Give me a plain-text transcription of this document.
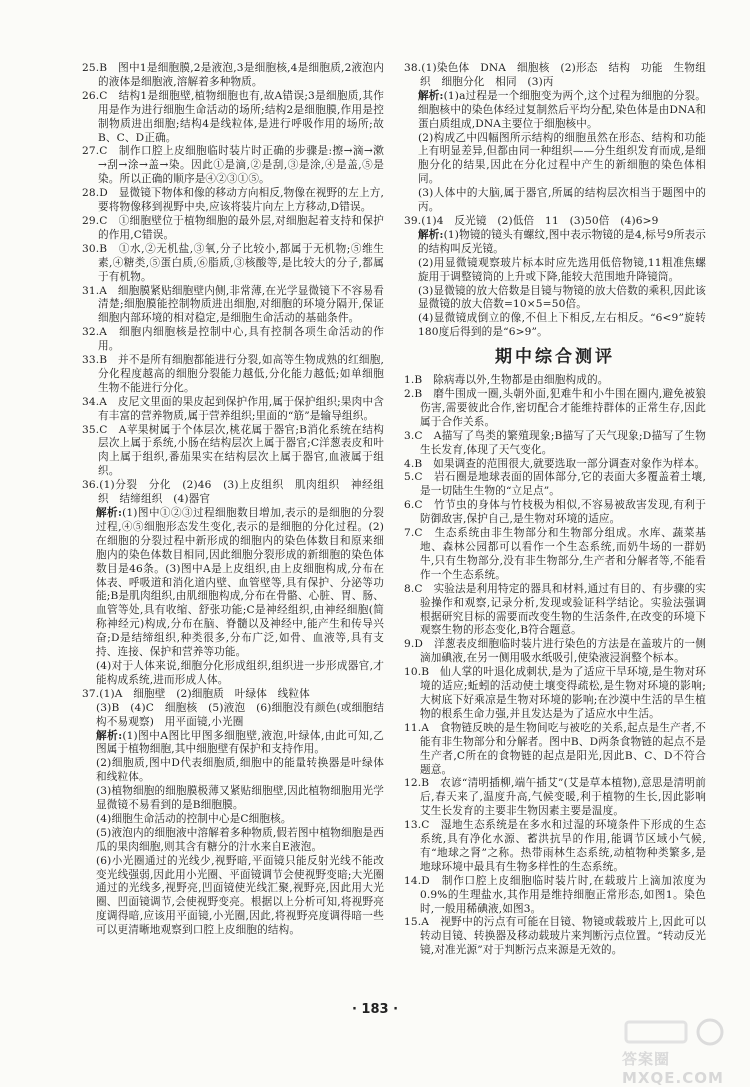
25.B　图中1是细胞膜,2是液泡,3是细胞核,4是细胞质,2液泡内的液体是细胞液,溶解着多种物质。

26.C　结构1是细胞壁,植物细胞也有,故A错误;3是细胞质,其作用是作为进行细胞生命活动的场所;结构2是细胞膜,作用是控制物质进出细胞;结构4是线粒体,是进行呼吸作用的场所;故B、C、D正确。

27.C　制作口腔上皮细胞临时装片时正确的步骤是:擦→滴→漱→刮→涂→盖→染。因此①是滴,②是刮,③是涂,④是盖,⑤是染。所以正确的顺序是④②③①⑤。

28.D　显微镜下物体和像的移动方向相反,物像在视野的左上方,要将物像移到视野中央,应该将装片向左上方移动,D错误。

29.C　①细胞壁位于植物细胞的最外层,对细胞起着支持和保护的作用,C错误。

30.B　①水,②无机盐,③氧,分子比较小,都属于无机物;⑤维生素,④糖类,⑤蛋白质,⑥脂质,③核酸等,是比较大的分子,都属于有机物。

31.A　细胞膜紧贴细胞壁内侧,非常薄,在光学显微镜下不容易看清楚;细胞膜能控制物质进出细胞,对细胞的环境分隔开,保证细胞内部环境的相对稳定,是细胞生命活动的基础条件。

32.A　细胞内细胞核是控制中心,具有控制各项生命活动的作用。

33.B　并不是所有细胞都能进行分裂,如高等生物成熟的红细胞,分化程度越高的细胞分裂能力越低,分化能力越低;如单细胞生物不能进行分化。

34.A　皮尼文里面的果皮起到保护作用,属于保护组织;果肉中含有丰富的营养物质,属于营养组织;里面的“筋”是输导组织。

35.C　A苹果树属于个体层次,桃花属于器官;B消化系统在结构层次上属于系统,小肠在结构层次上属于器官;C洋葱表皮和叶肉上属于组织,番茄果实在结构层次上属于器官,血液属于组织。

36.(1)分裂　分化　(2)46　(3)上皮组织　肌肉组织　神经组织　结缔组织　(4)器官

解析:(1)图中①②③过程细胞数目增加,表示的是细胞的分裂过程,④⑤细胞形态发生变化,表示的是细胞的分化过程。(2)在细胞的分裂过程中新形成的细胞内的染色体数目和原来细胞内的染色体数目相同,因此细胞分裂形成的新细胞的染色体数目是46条。(3)图中A是上皮组织,由上皮细胞构成,分布在体表、呼吸道和消化道内壁、血管壁等,具有保护、分泌等功能;B是肌肉组织,由肌细胞构成,分布在骨骼、心脏、胃、肠、血管等处,具有收缩、舒张功能;C是神经组织,由神经细胞(简称神经元)构成,分布在脑、脊髓以及神经中,能产生和传导兴奋;D是结缔组织,种类很多,分布广泛,如骨、血液等,具有支持、连接、保护和营养等功能。

(4)对于人体来说,细胞分化形成组织,组织进一步形成器官,才能构成系统,进而形成人体。

37.(1)A　细胞壁　(2)细胞质　叶绿体　线粒体

(3)B　(4)C　细胞核　(5)液泡　(6)细胞没有颜色(或细胞结构不易观察)　用平面镜,小光圈

解析:(1)图中A图比甲图多细胞壁,液泡,叶绿体,由此可知,乙图属于植物细胞,其中细胞壁有保护和支持作用。

(2)细胞质,图中D代表细胞质,细胞中的能量转换器是叶绿体和线粒体。

(3)植物细胞的细胞膜极薄又紧贴细胞壁,因此植物细胞用光学显微镜不易看到的是B细胞膜。

(4)细胞生命活动的控制中心是C细胞核。

(5)液泡内的细胞液中溶解着多种物质,假若图中植物细胞是西瓜的果肉细胞,则其含有糖分的汁水来自E液泡。

(6)小光圈通过的光线少,视野暗,平面镜只能反射光线不能改变光线强弱,因此用小光圈、平面镜调节会使视野变暗;大光圈通过的光线多,视野亮,凹面镜使光线汇聚,视野亮,因此用大光圈、凹面镜调节,会使视野变亮。根据以上分析可知,将视野亮度调得暗,应该用平面镜,小光圈,因此,将视野亮度调得暗一些可以更清晰地观察到口腔上皮细胞的结构。

38.(1)染色体　DNA　细胞核　(2)形态　结构　功能　生物组织　细胞分化　相同　(3)丙

解析:(1)a过程是一个细胞变为两个,这个过程为细胞的分裂。细胞核中的染色体经过复制然后平均分配,染色体是由DNA和蛋白质组成,DNA主要位于细胞核中。

(2)构成乙中四幅图所示结构的细胞虽然在形态、结构和功能上有明显差异,但都由同一种组织——分生组织发育而成,是细胞分化的结果,因此在分化过程中产生的新细胞的染色体相同。

(3)人体中的大脑,属于器官,所属的结构层次相当于题图中的丙。

39.(1)4　反光镜　(2)低倍　11　(3)50倍　(4)6>9

解析:(1)物镜的镜头有螺纹,图中表示物镜的是4,标号9所表示的结构叫反光镜。

(2)用显微镜观察玻片标本时应先选用低倍物镜,11粗准焦螺旋用于调整镜筒的上升或下降,能较大范围地升降镜筒。

(3)显微镜的放大倍数是目镜与物镜的放大倍数的乘积,因此该显微镜的放大倍数=10×5=50倍。

(4)显微镜成倒立的像,不但上下相反,左右相反。“6<9”旋转180度后得到的是“6>9”。

期中综合测评

1.B　除病毒以外,生物都是由细胞构成的。

2.B　磨牛围成一圈,头朝外面,犯难牛和小牛围在圈内,避免被狼伤害,需要彼此合作,密切配合才能维持群体的正常生存,因此属于合作关系。

3.C　A描写了鸟类的繁殖现象;B描写了天气现象;D描写了生物生长发育,体现了天气变化。

4.B　如果调查的范围很大,就要选取一部分调查对象作为样本。

5.C　岩石圈是地球表面的固体部分,它的表面大多覆盖着土壤,是一切陆生生物的“立足点”。

6.C　竹节虫的身体与竹枝极为相似,不容易被敌害发现,有利于防御敌害,保护自己,是生物对环境的适应。

7.C　生态系统由非生物部分和生物部分组成。水库、蔬菜基地、森林公园都可以看作一个生态系统,而奶牛场的一群奶牛,只有生物部分,没有非生物部分,生产者和分解者等,不能看作一个生态系统。

8.C　实验法是利用特定的器具和材料,通过有目的、有步骤的实验操作和观察,记录分析,发现或验证科学结论。实验法强调根据研究目标的需要而改变生物的生活条件,在改变的环境下观察生物的形态变化,B符合题意。

9.D　洋葱表皮细胞临时装片进行染色的方法是在盖玻片的一侧滴加碘液,在另一侧用吸水纸吸引,使染液浸润整个标本。

10.B　仙人掌的叶退化成刺状,是为了适应干旱环境,是生物对环境的适应;蚯蚓的活动使土壤变得疏松,是生物对环境的影响;大树底下好乘凉是生物对环境的影响;在沙漠中生活的旱生植物的根系生命力强,并且发达是为了适应水中生活。

11.A　食物链反映的是生物间吃与被吃的关系,起点是生产者,不能有非生物部分和分解者。图中B、D两条食物链的起点不是生产者,C所在的食物链的起点是阳光,因此B、C、D不符合题意。

12.B　农谚“清明插柳,端午插艾”(艾是草本植物),意思是清明前后,春天来了,温度升高,气候变暖,利于植物的生长,因此影响艾生长发育的主要非生物因素主要是温度。

13.C　湿地生态系统是在多水和过湿的环境条件下形成的生态系统,具有净化水源、蓄洪抗旱的作用,能调节区域小气候,有“地球之肾”之称。热带雨林生态系统,动植物种类繁多,是地球环境中最具有生物多样性的生态系统。

14.D　制作口腔上皮细胞临时装片时,在载玻片上滴加浓度为0.9%的生理盐水,其作用是维持细胞正常形态,如图1。染色时,一般用稀碘液,如图3。

15.A　视野中的污点有可能在目镜、物镜或载玻片上,因此可以转动目镜、转换器及移动载玻片来判断污点位置。“转动反光镜,对准光源”对于判断污点来源是无效的。

· 183 ·
答案圈 MXQE.COM
